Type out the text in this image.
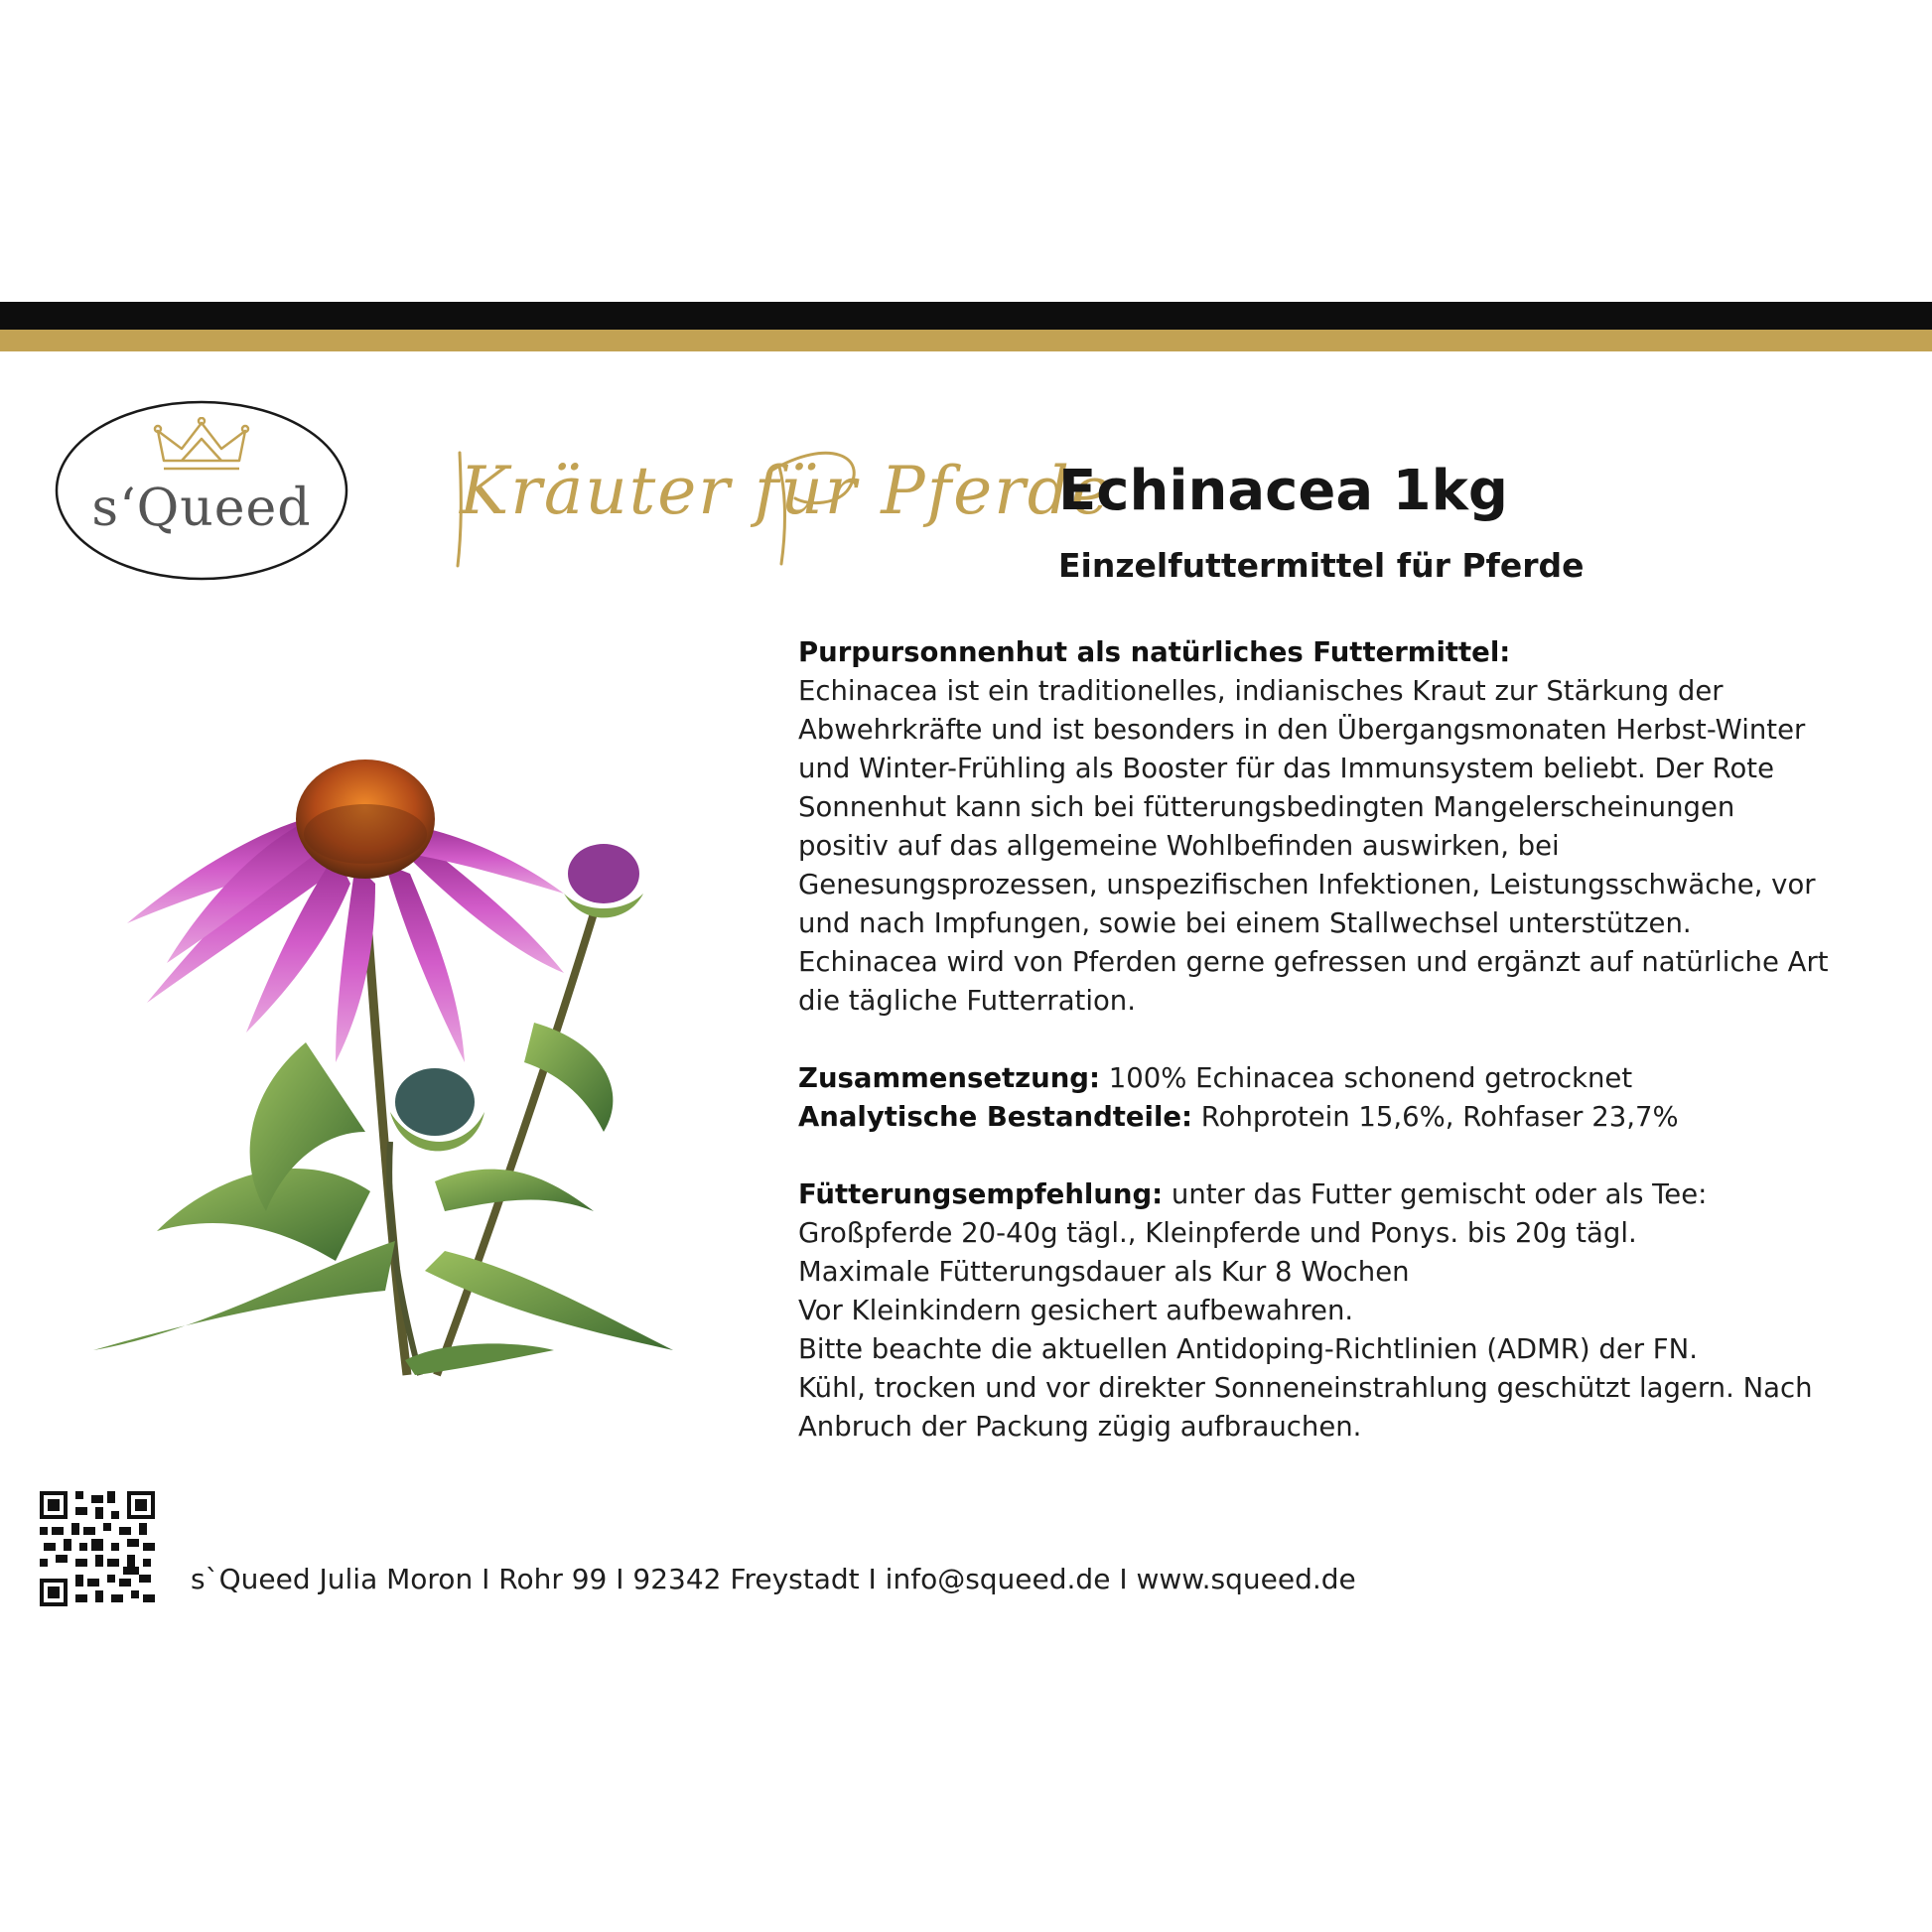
s‘Queed	Kräuter für Pferde
Echinacea 1kg
Einzelfuttermittel für Pferde
Purpursonnenhut als natürliches Futtermittel:
Echinacea ist ein traditionelles, indianisches Kraut zur Stärkung der
Abwehrkräfte und ist besonders in den Übergangsmonaten Herbst-Winter
und Winter-Frühling als Booster für das Immunsystem beliebt. Der Rote
Sonnenhut kann sich bei fütterungsbedingten Mangelerscheinungen
positiv auf das allgemeine Wohlbefinden auswirken, bei
Genesungsprozessen, unspezifischen Infektionen, Leistungsschwäche, vor
und nach Impfungen, sowie bei einem Stallwechsel unterstützen.
Echinacea wird von Pferden gerne gefressen und ergänzt auf natürliche Art
die tägliche Futterration.
Zusammensetzung: 100% Echinacea schonend getrocknet
Analytische Bestandteile: Rohprotein 15,6%, Rohfaser 23,7%
Fütterungsempfehlung: unter das Futter gemischt oder als Tee:
Großpferde 20-40g tägl., Kleinpferde und Ponys. bis 20g tägl.
Maximale Fütterungsdauer als Kur 8 Wochen
Vor Kleinkindern gesichert aufbewahren.
Bitte beachte die aktuellen Antidoping-Richtlinien (ADMR) der FN.
Kühl, trocken und vor direkter Sonneneinstrahlung geschützt lagern. Nach
Anbruch der Packung zügig aufbrauchen.
s`Queed Julia Moron I Rohr 99 I 92342 Freystadt I info@squeed.de I www.squeed.de
